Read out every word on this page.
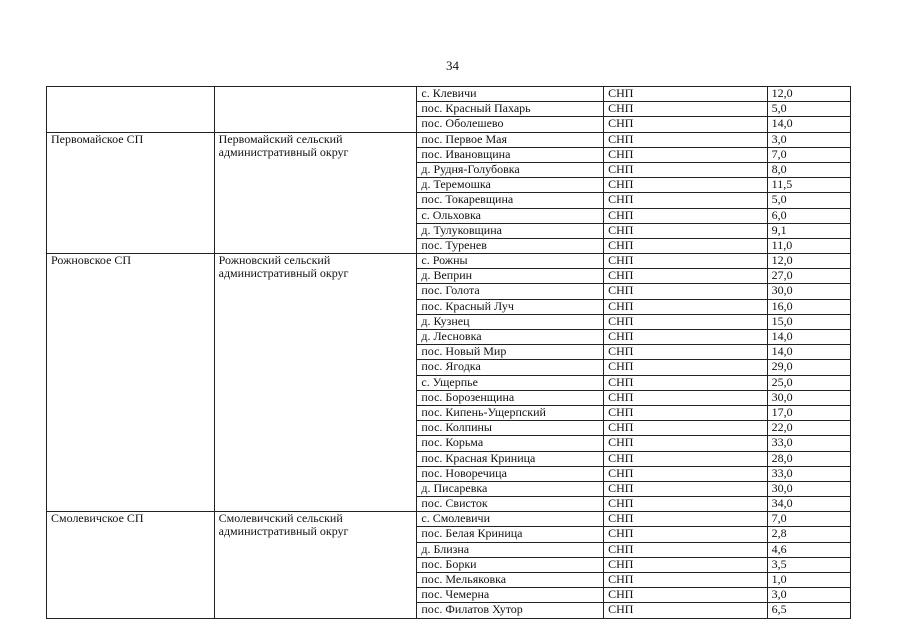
34
		с. Клевичи	СНП	12,0
		пос. Красный Пахарь	СНП	5,0
		пос. Оболешево	СНП	14,0
Первомайское СП	Первомайский сельский административный округ	пос. Первое Мая	СНП	3,0
		пос. Ивановщина	СНП	7,0
		д. Рудня-Голубовка	СНП	8,0
		д. Теремошка	СНП	11,5
		пос. Токаревщина	СНП	5,0
		с. Ольховка	СНП	6,0
		д. Тулуковщина	СНП	9,1
		пос. Туренев	СНП	11,0
Рожновское СП	Рожновский сельский административный округ	с. Рожны	СНП	12,0
		д. Веприн	СНП	27,0
		пос. Голота	СНП	30,0
		пос. Красный Луч	СНП	16,0
		д. Кузнец	СНП	15,0
		д. Лесновка	СНП	14,0
		пос. Новый Мир	СНП	14,0
		пос. Ягодка	СНП	29,0
		с. Ущерпье	СНП	25,0
		пос. Борозенщина	СНП	30,0
		пос. Кипень-Ущерпский	СНП	17,0
		пос. Колпины	СНП	22,0
		пос. Корьма	СНП	33,0
		пос. Красная Криница	СНП	28,0
		пос. Новоречица	СНП	33,0
		д. Писаревка	СНП	30,0
		пос. Свисток	СНП	34,0
Смолевичское СП	Смолевичский сельский административный округ	с. Смолевичи	СНП	7,0
		пос. Белая Криница	СНП	2,8
		д. Близна	СНП	4,6
		пос. Борки	СНП	3,5
		пос. Мельяковка	СНП	1,0
		пос. Чемерна	СНП	3,0
		пос. Филатов Хутор	СНП	6,5
